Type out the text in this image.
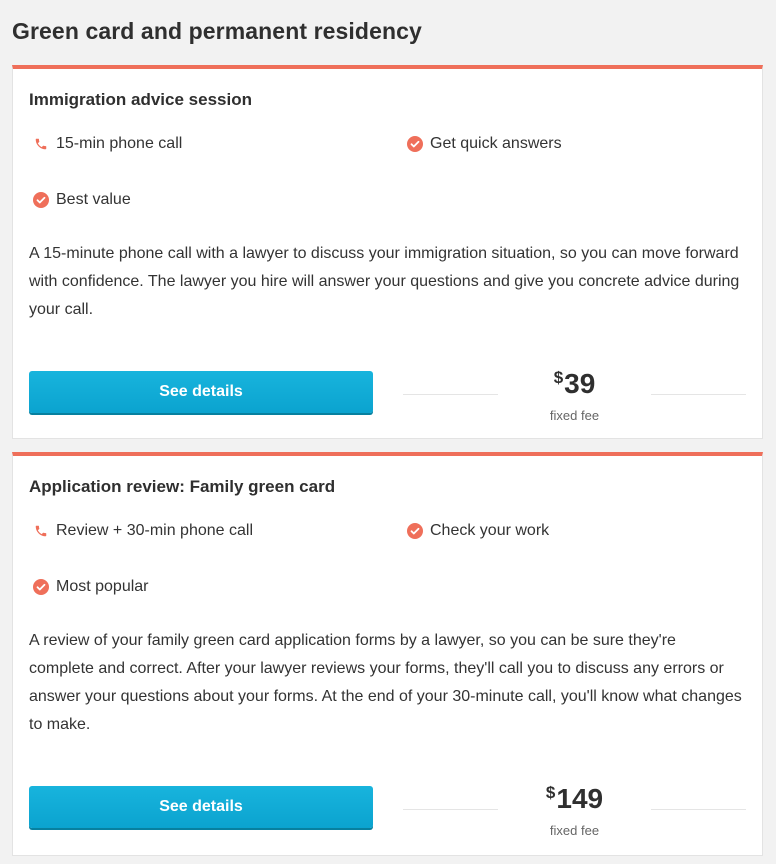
Green card and permanent residency
Immigration advice session
15-min phone call	Get quick answers
Best value

A 15-minute phone call with a lawyer to discuss your immigration situation, so you can move forward with confidence. The lawyer you hire will answer your questions and give you concrete advice during your call.

See details
$39
fixed fee
Application review: Family green card
Review + 30-min phone call	Check your work
Most popular

A review of your family green card application forms by a lawyer, so you can be sure they're complete and correct. After your lawyer reviews your forms, they'll call you to discuss any errors or answer your questions about your forms. At the end of your 30-minute call, you'll know what changes to make.

See details
$149
fixed fee
